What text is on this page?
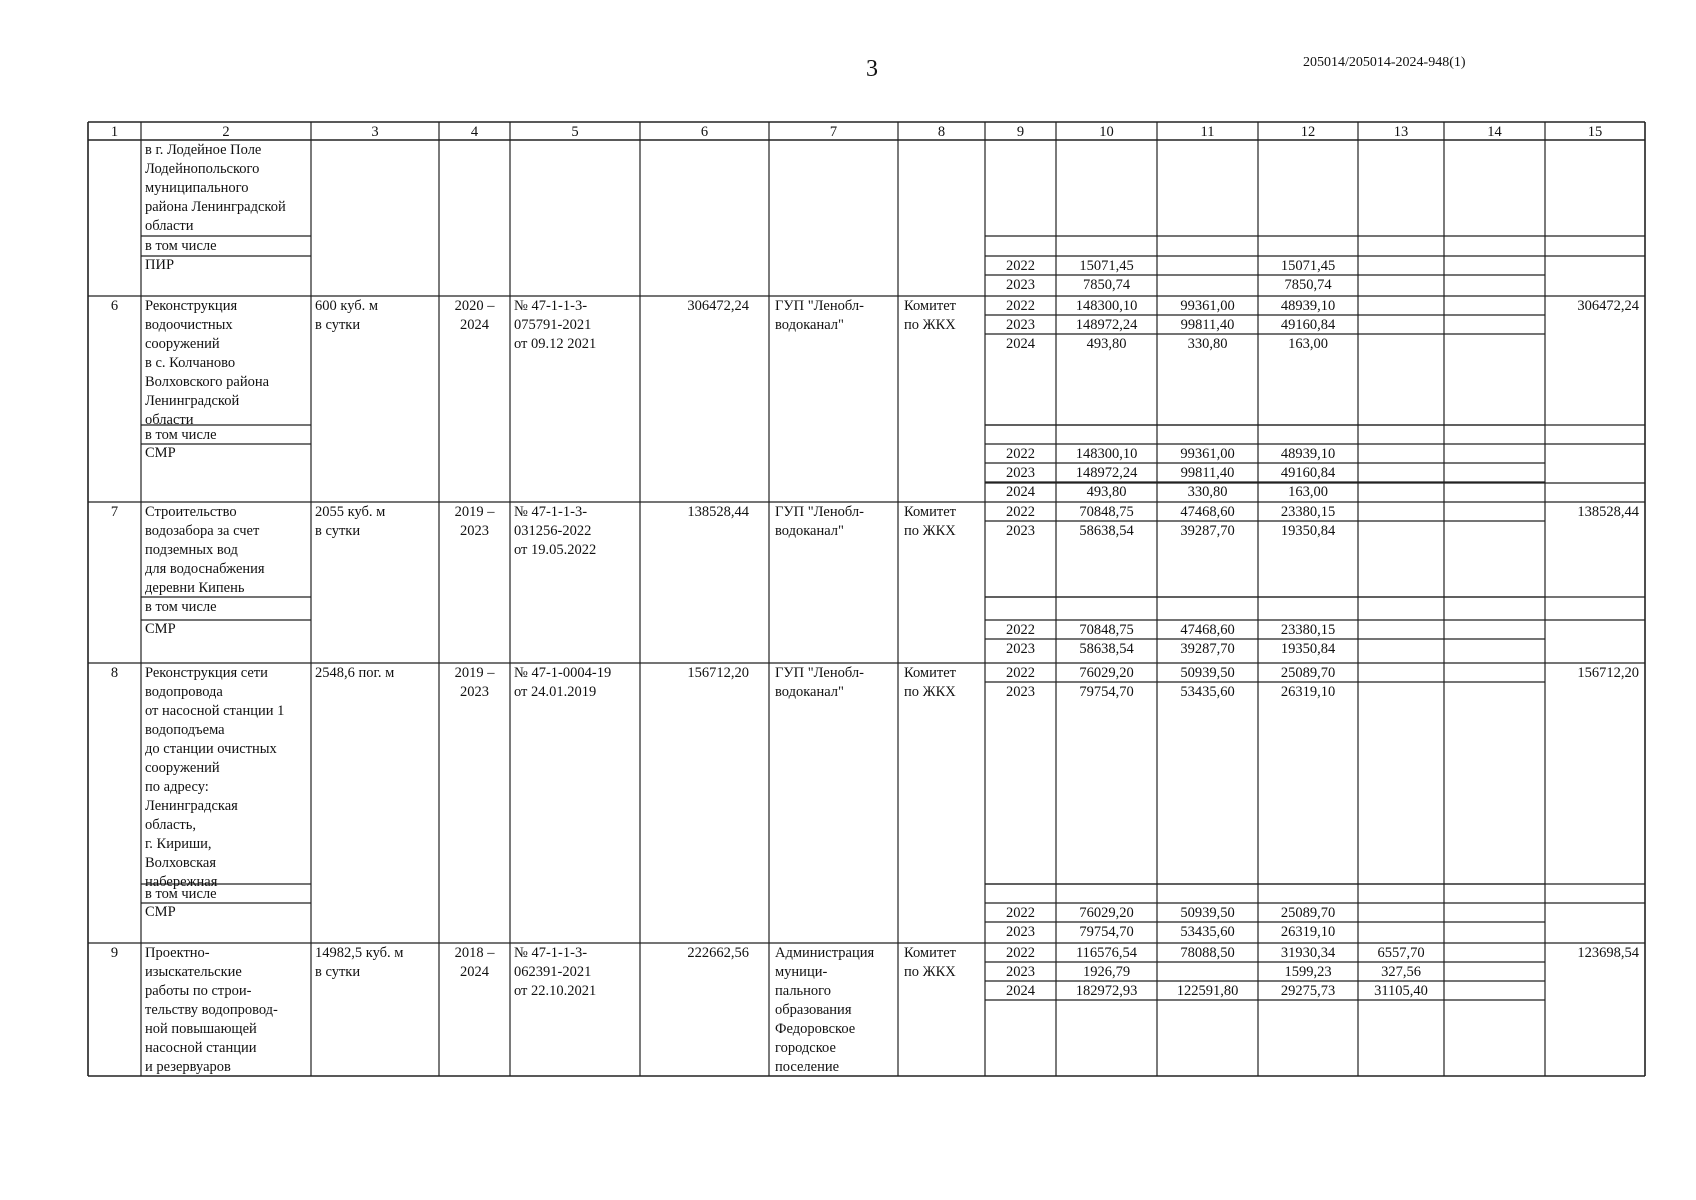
3	205014/205014-2024-948(1)
1	2	3	4	5	6	7	8	9	10	11	12	13	14	15
в г. Лодейное Поле
Лодейнопольского
муниципального
района Ленинградской
области
в том числе
ПИР	2022	15071,45	15071,45
2023	7850,74	7850,74
6	Реконструкция
водоочистных
сооружений
в с. Колчаново
Волховского района
Ленинградской
области
600 куб. м
в сутки
2020 –
2024
№ 47-1-1-3-
075791-2021
от 09.12 2021
306472,24 ГУП "Ленобл-
водоканал"
Комитет
по ЖКХ
306472,24
2022	148300,10	99361,00	48939,10
2023	148972,24	99811,40	49160,84
2024	493,80	330,80	163,00
в том числе
СМР	2022	148300,10	99361,00	48939,10
2023	148972,24	99811,40	49160,84
2024	493,80	330,80	163,00
7	Строительство
водозабора за счет
подземных вод
для водоснабжения
деревни Кипень
2055 куб. м
в сутки
2019 –
2023
№ 47-1-1-3-
031256-2022
от 19.05.2022
138528,44 ГУП "Ленобл-
водоканал"
Комитет
по ЖКХ
138528,44
2022	70848,75	47468,60	23380,15
2023	58638,54	39287,70	19350,84
в том числе
СМР	2022	70848,75	47468,60	23380,15
2023	58638,54	39287,70	19350,84
8	Реконструкция сети
водопровода
от насосной станции 1
водоподъема
до станции очистных
сооружений
по адресу:
Ленинградская
область,
г. Кириши,
Волховская
набережная
2548,6 пог. м	2019 –
2023
№ 47-1-0004-19
от 24.01.2019
156712,20 ГУП "Ленобл-
водоканал"
Комитет
по ЖКХ
156712,20
2022	76029,20	50939,50	25089,70
2023	79754,70	53435,60	26319,10
в том числе
СМР	2022	76029,20	50939,50	25089,70
2023	79754,70	53435,60	26319,10
9	Проектно-
изыскательские
работы по строи-
тельству водопровод-
ной повышающей
насосной станции
и резервуаров
14982,5 куб. м
в сутки
2018 –
2024
№ 47-1-1-3-
062391-2021
от 22.10.2021
222662,56 Администрация
муници-
пального
образования
Федоровское
городское
поселение
Комитет
по ЖКХ
123698,54
2022	116576,54	78088,50	31930,34	6557,70
2023	1926,79	1599,23	327,56
2024	182972,93	122591,80	29275,73	31105,40
